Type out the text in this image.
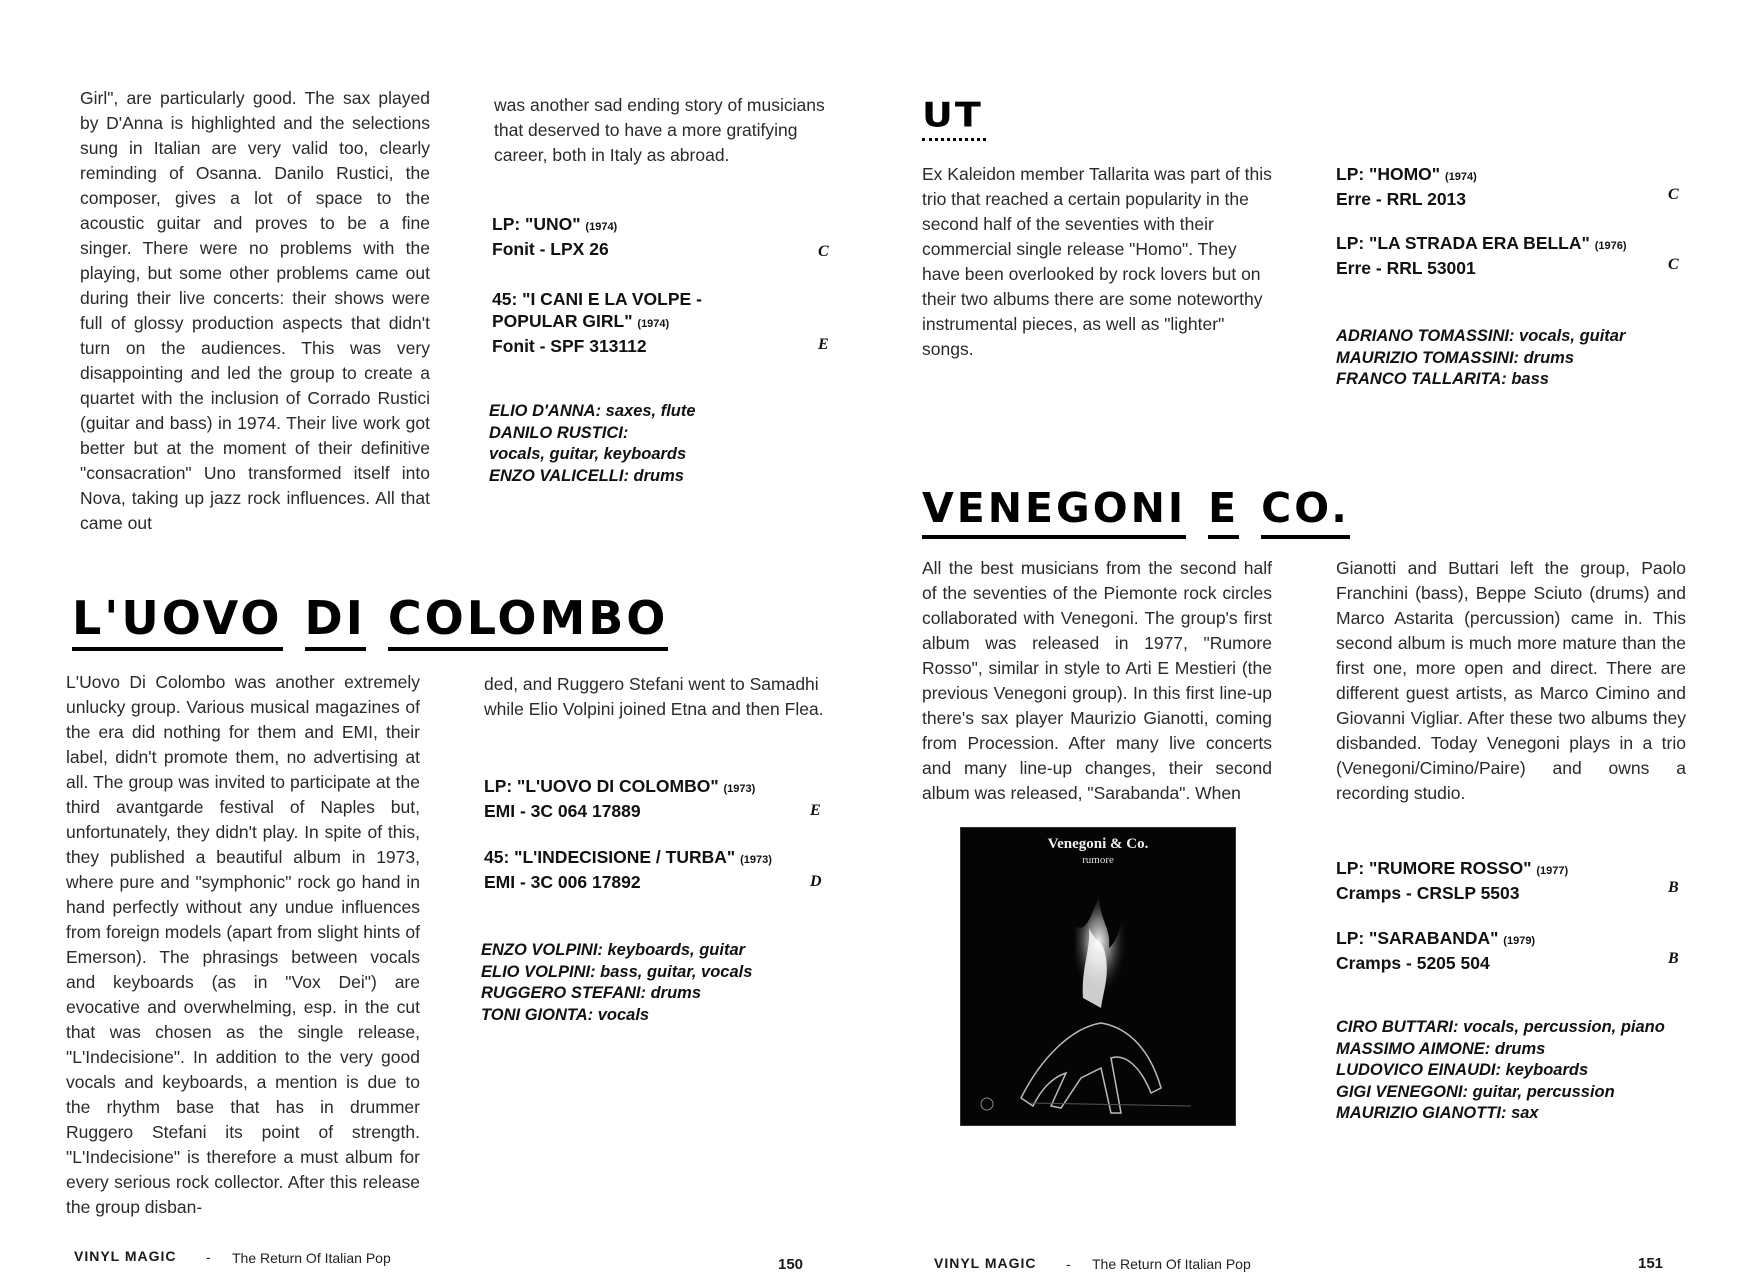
Girl", are particularly good. The sax played by D'Anna is highlighted and the selections sung in Italian are very valid too, clearly reminding of Osanna. Danilo Rustici, the composer, gives a lot of space to the acoustic guitar and proves to be a fine singer. There were no problems with the playing, but some other problems came out during their live concerts: their shows were full of glossy production aspects that didn't turn on the audiences. This was very disappointing and led the group to create a quartet with the inclusion of Corrado Rustici (guitar and bass) in 1974. Their live work got better but at the moment of their definitive "consacration" Uno transformed itself into Nova, taking up jazz rock influences. All that came out

was another sad ending story of musicians that deserved to have a more gratifying career, both in Italy as abroad.

LP: "UNO" (1974)
Fonit - LPX 26	C
45: "I CANI E LA VOLPE -
POPULAR GIRL" (1974)
Fonit - SPF 313112	E
ELIO D'ANNA: saxes, flute
DANILO RUSTICI:
vocals, guitar, keyboards
ENZO VALICELLI: drums
L'UOVO DI COLOMBO

L'Uovo Di Colombo was another extremely unlucky group. Various musical magazines of the era did nothing for them and EMI, their label, didn't promote them, no advertising at all. The group was invited to participate at the third avantgarde festival of Naples but, unfortunately, they didn't play. In spite of this, they published a beautiful album in 1973, where pure and "symphonic" rock go hand in hand perfectly without any undue influences from foreign models (apart from slight hints of Emerson). The phrasings between vocals and keyboards (as in "Vox Dei") are evocative and overwhelming, esp. in the cut that was chosen as the single release, "L'Indecisione". In addition to the very good vocals and keyboards, a mention is due to the rhythm base that has in drummer Ruggero Stefani its point of strength. "L'Indecisione" is therefore a must album for every serious rock collector. After this release the group disban-

ded, and Ruggero Stefani went to Samadhi while Elio Volpini joined Etna and then Flea.

LP: "L'UOVO DI COLOMBO" (1973)
EMI - 3C 064 17889	E
45: "L'INDECISIONE / TURBA" (1973)
EMI - 3C 006 17892	D
ENZO VOLPINI: keyboards, guitar
ELIO VOLPINI: bass, guitar, vocals
RUGGERO STEFANI: drums
TONI GIONTA: vocals
VINYL MAGIC - The Return Of Italian Pop	150
UT

Ex Kaleidon member Tallarita was part of this trio that reached a certain popularity in the second half of the seventies with their commercial single release "Homo". They have been overlooked by rock lovers but on their two albums there are some noteworthy instrumental pieces, as well as "lighter" songs.

LP: "HOMO" (1974)
Erre - RRL 2013	C
LP: "LA STRADA ERA BELLA" (1976)
Erre - RRL 53001	C
ADRIANO TOMASSINI: vocals, guitar
MAURIZIO TOMASSINI: drums
FRANCO TALLARITA: bass
VENEGONI E CO.

All the best musicians from the second half of the seventies of the Piemonte rock circles collaborated with Venegoni. The group's first album was released in 1977, "Rumore Rosso", similar in style to Arti E Mestieri (the previous Venegoni group). In this first line-up there's sax player Maurizio Gianotti, coming from Procession. After many live concerts and many line-up changes, their second album was released, "Sarabanda". When

Gianotti and Buttari left the group, Paolo Franchini (bass), Beppe Sciuto (drums) and Marco Astarita (percussion) came in. This second album is much more mature than the first one, more open and direct. There are different guest artists, as Marco Cimino and Giovanni Vigliar. After these two albums they disbanded. Today Venegoni plays in a trio (Venegoni/Cimino/Paire) and owns a recording studio.

Venegoni & Co.
rumore	LP: "RUMORE ROSSO" (1977)
Cramps - CRSLP 5503	B
LP: "SARABANDA" (1979)
Cramps - 5205 504	B
CIRO BUTTARI: vocals, percussion, piano
MASSIMO AIMONE: drums
LUDOVICO EINAUDI: keyboards
GIGI VENEGONI: guitar, percussion
MAURIZIO GIANOTTI: sax
VINYL MAGIC - The Return Of Italian Pop	151
